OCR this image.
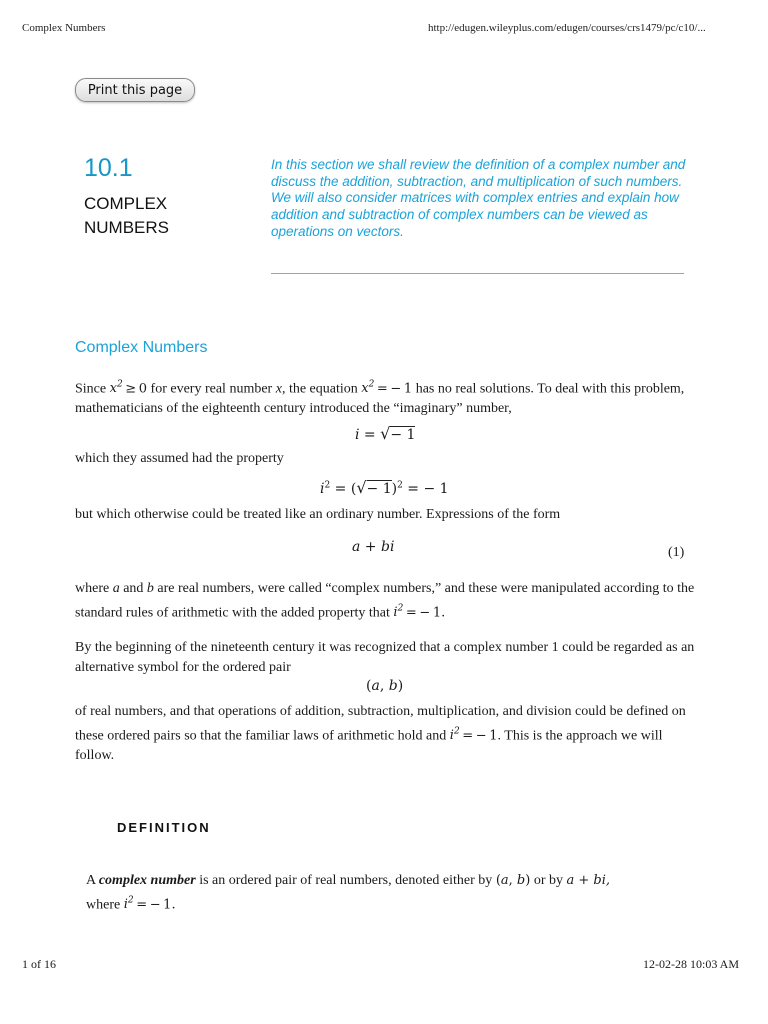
Complex Numbers	http://edugen.wileyplus.com/edugen/courses/crs1479/pc/c10/...
Print this page
10.1
COMPLEX
NUMBERS
In this section we shall review the definition of a complex number and discuss the addition, subtraction, and multiplication of such numbers. We will also consider matrices with complex entries and explain how addition and subtraction of complex numbers can be viewed as operations on vectors.
Complex Numbers
Since $x^2 \ge 0$ for every real number x, the equation $x^2$ = − 1 has no real solutions. To deal with this problem, mathematicians of the eighteenth century introduced the “imaginary” number,
i = √− 1
which they assumed had the property
$i^2$ = (√− 1)$^2$ = − 1
but which otherwise could be treated like an ordinary number. Expressions of the form
a + bi	(1)
where a and b are real numbers, were called “complex numbers,” and these were manipulated according to the standard rules of arithmetic with the added property that $i^2$ = − 1.
By the beginning of the nineteenth century it was recognized that a complex number 1 could be regarded as an alternative symbol for the ordered pair
(a, b)
of real numbers, and that operations of addition, subtraction, multiplication, and division could be defined on these ordered pairs so that the familiar laws of arithmetic hold and $i^2$ = − 1. This is the approach we will follow.
DEFINITION
A complex number is an ordered pair of real numbers, denoted either by (a, b) or by a + bi,
where $i^2$ = − 1.
1 of 16	12-02-28 10:03 AM
